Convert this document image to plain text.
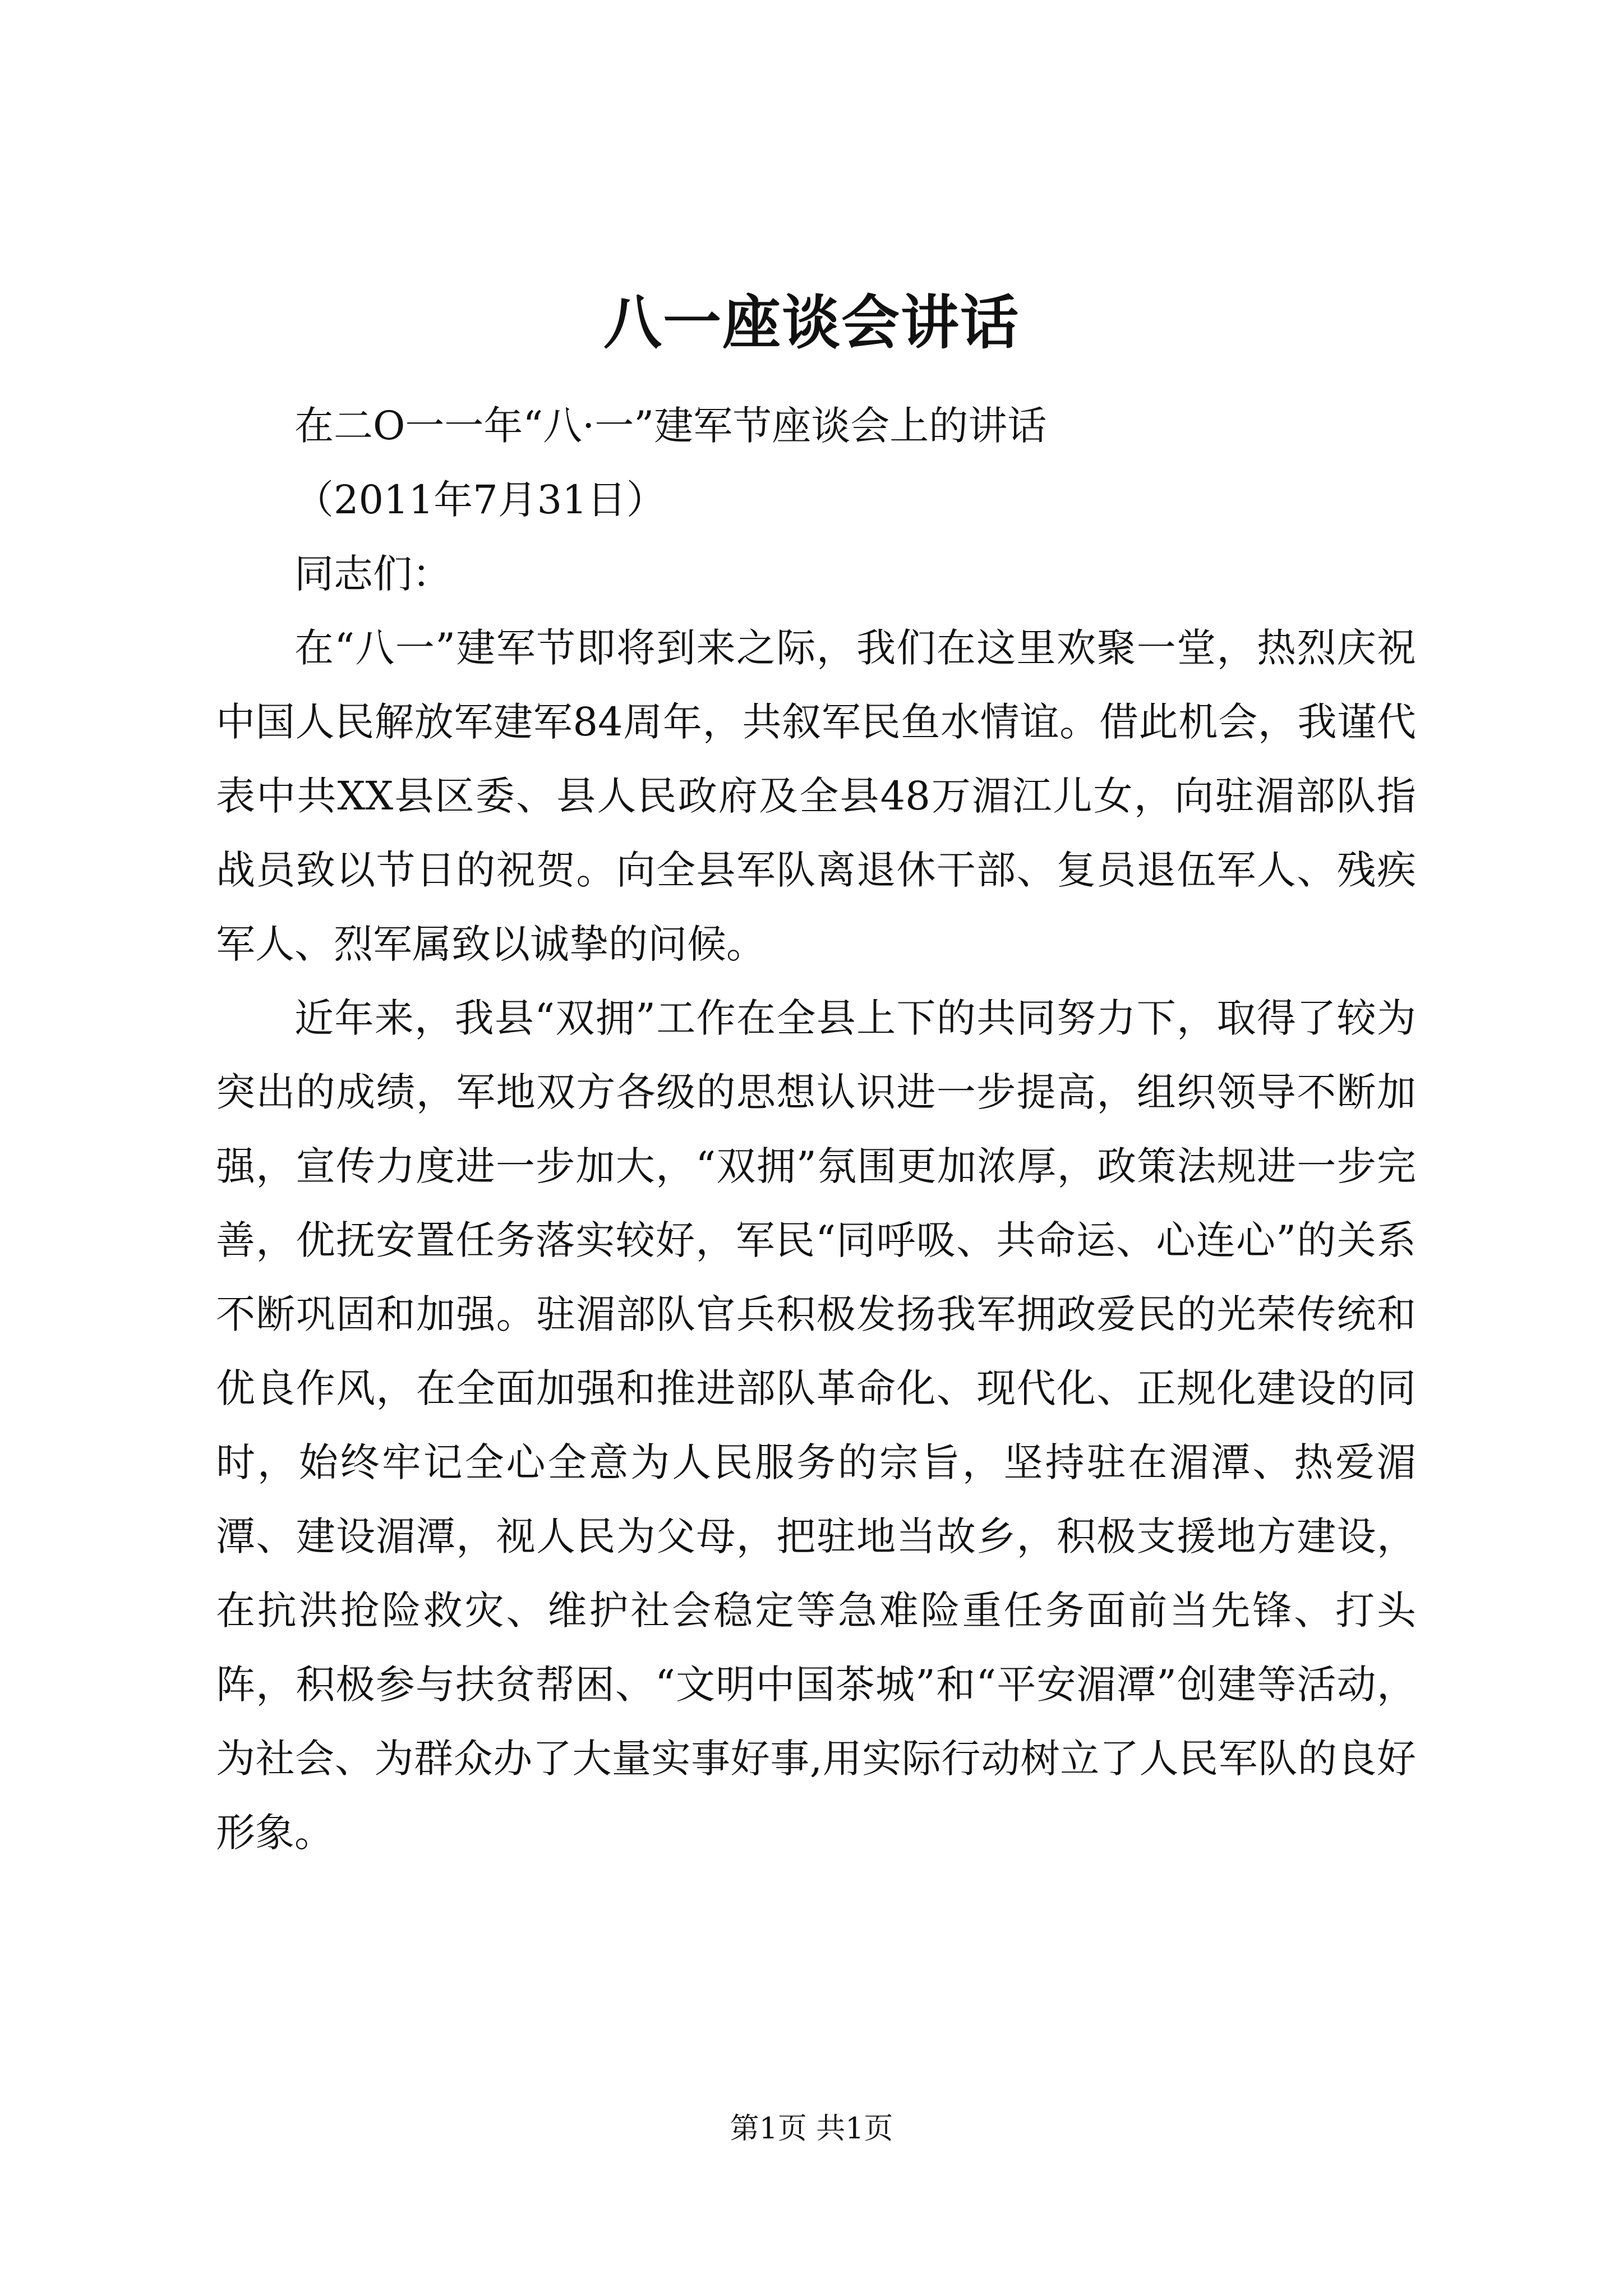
八一座谈会讲话

在二O一一年“八·一”建军节座谈会上的讲话

（2011年7月31日）

同志们：

在“八一”建军节即将到来之际，我们在这里欢聚一堂，热烈庆祝中国人民解放军建军84周年，共叙军民鱼水情谊。借此机会，我谨代表中共XX县区委、县人民政府及全县48万湄江儿女，向驻湄部队指战员致以节日的祝贺。向全县军队离退休干部、复员退伍军人、残疾军人、烈军属致以诚挚的问候。

近年来，我县“双拥”工作在全县上下的共同努力下，取得了较为突出的成绩，军地双方各级的思想认识进一步提高，组织领导不断加强，宣传力度进一步加大，“双拥”氛围更加浓厚，政策法规进一步完善，优抚安置任务落实较好，军民“同呼吸、共命运、心连心”的关系不断巩固和加强。驻湄部队官兵积极发扬我军拥政爱民的光荣传统和优良作风，在全面加强和推进部队革命化、现代化、正规化建设的同时，始终牢记全心全意为人民服务的宗旨，坚持驻在湄潭、热爱湄潭、建设湄潭，视人民为父母，把驻地当故乡，积极支援地方建设，在抗洪抢险救灾、维护社会稳定等急难险重任务面前当先锋、打头阵，积极参与扶贫帮困、“文明中国茶城”和“平安湄潭”创建等活动，为社会、为群众办了大量实事好事,用实际行动树立了人民军队的良好形象。

第1页 共1页
